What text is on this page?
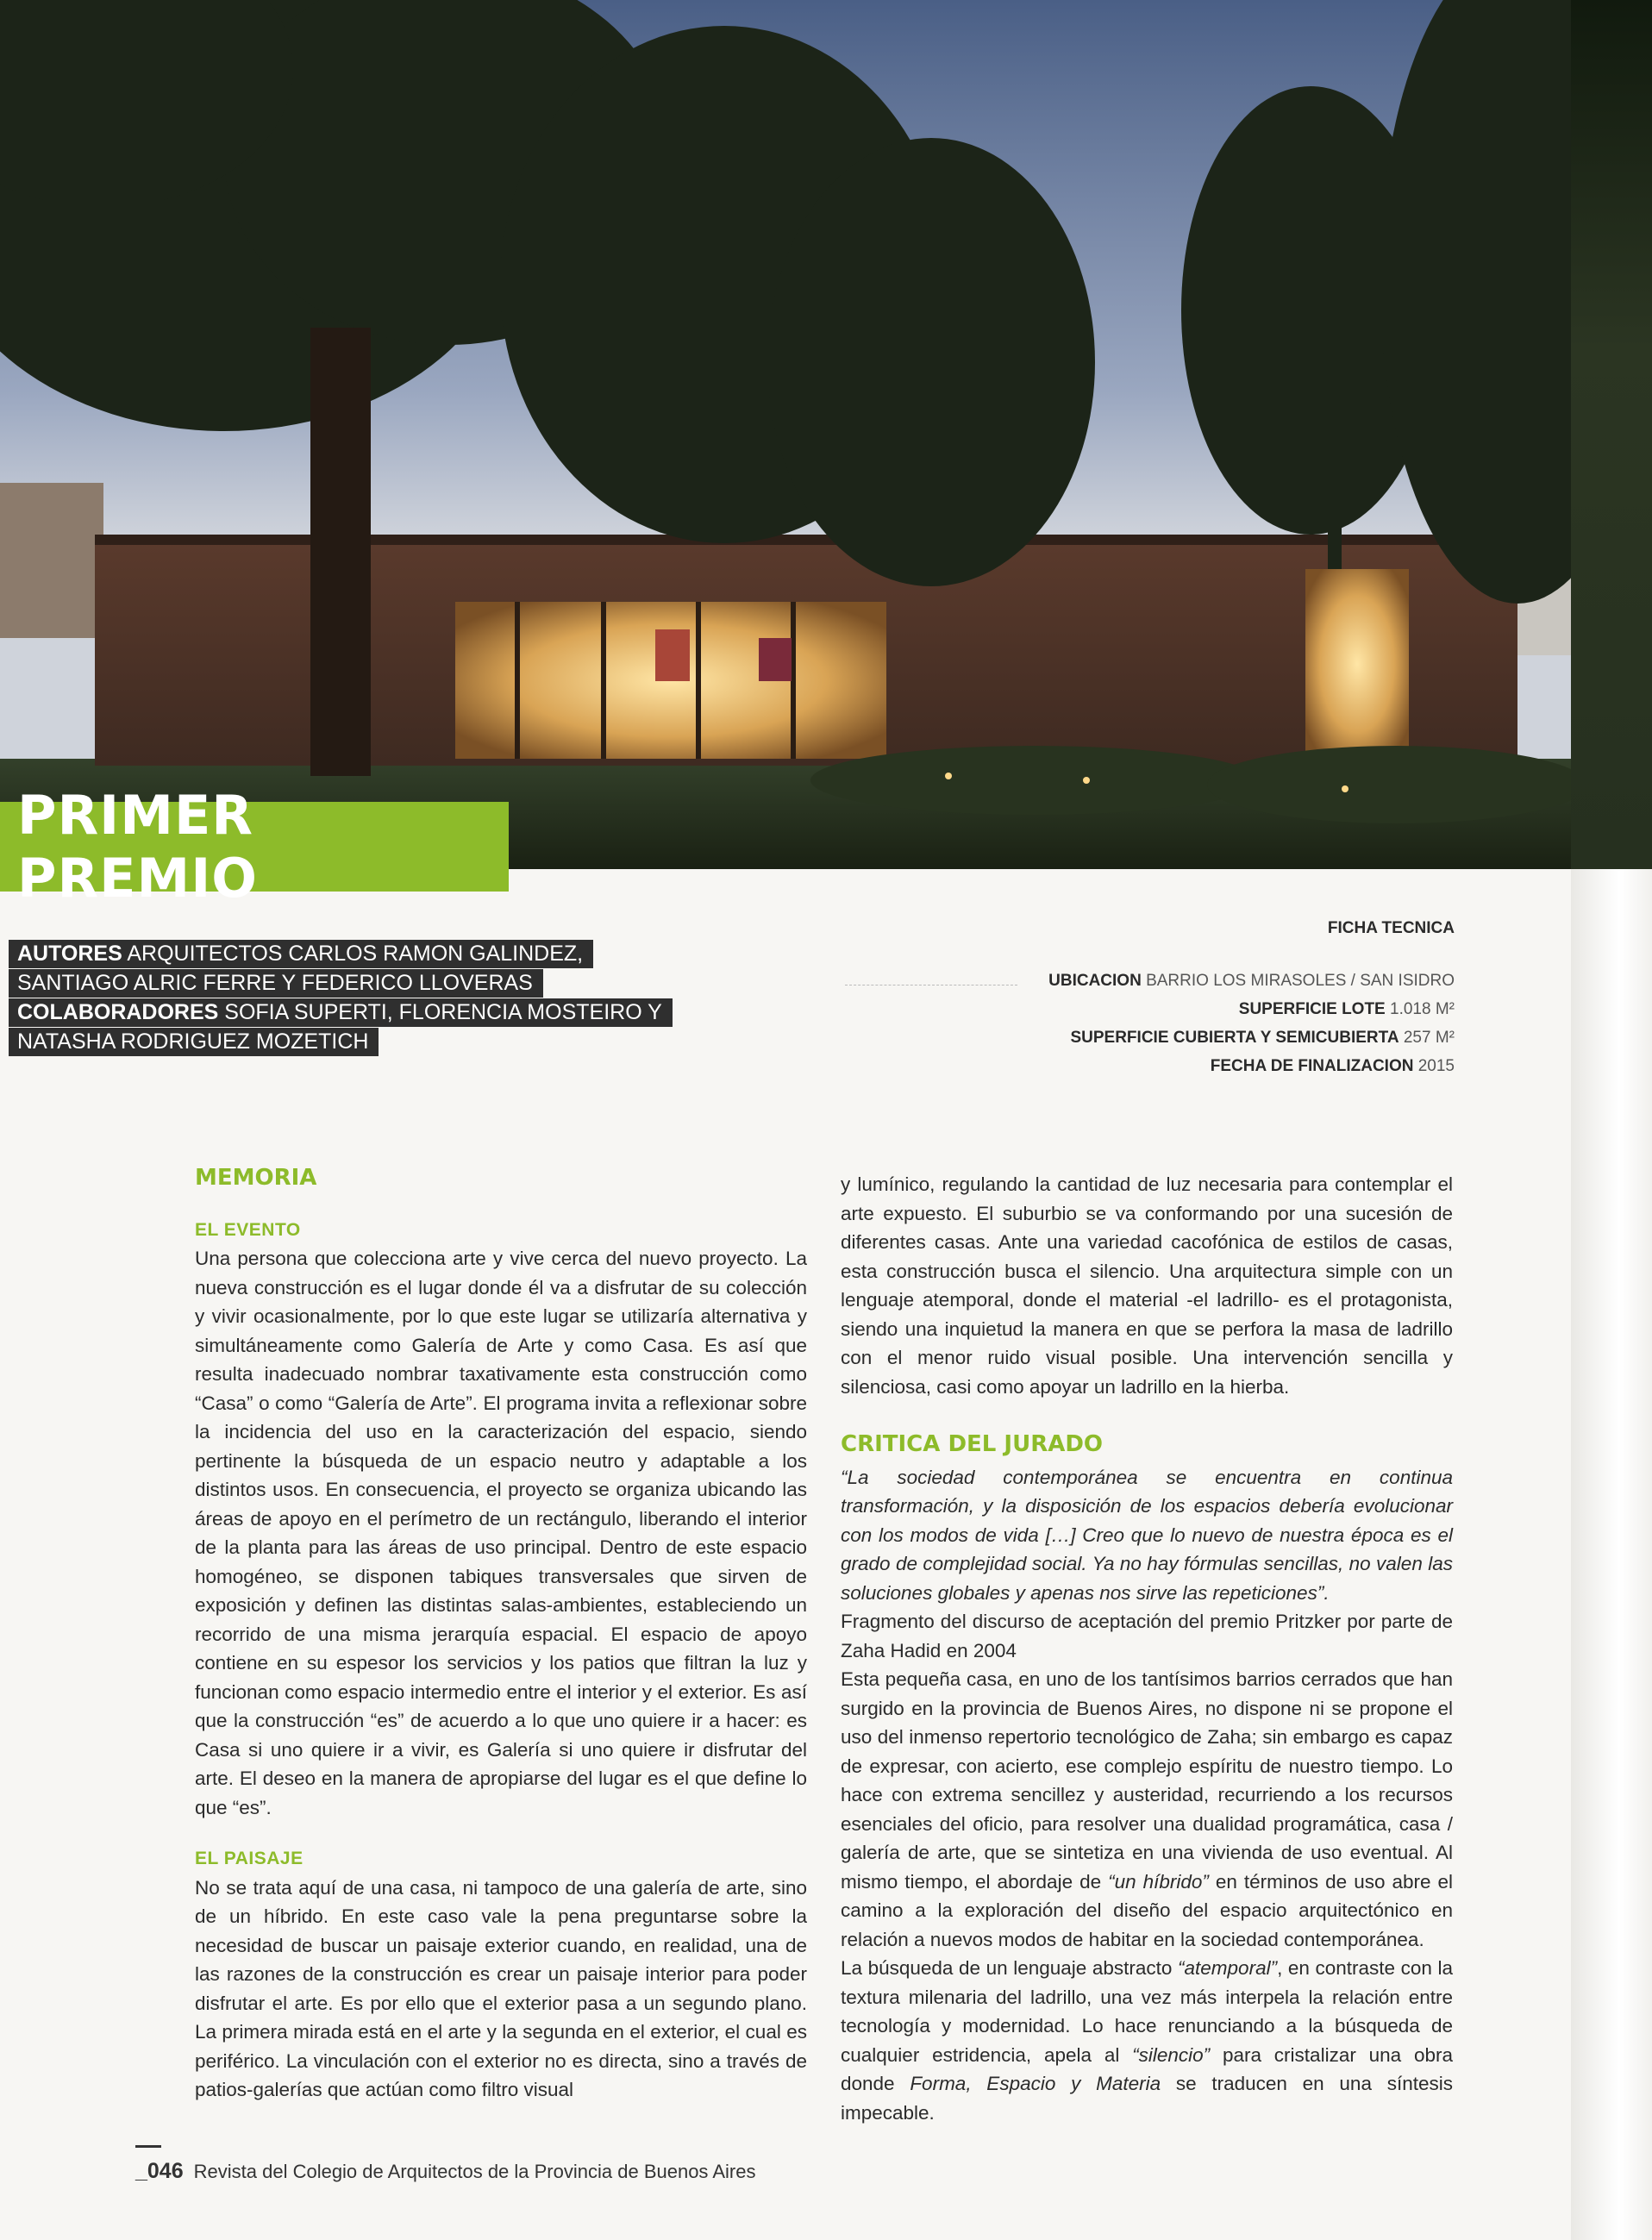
PRIMER PREMIO
AUTORES ARQUITECTOS CARLOS RAMON GALINDEZ,
SANTIAGO ALRIC FERRE Y FEDERICO LLOVERAS
COLABORADORES SOFIA SUPERTI, FLORENCIA MOSTEIRO Y
NATASHA RODRIGUEZ MOZETICH
FICHA TECNICA
UBICACION BARRIO LOS MIRASOLES / SAN ISIDRO
SUPERFICIE LOTE 1.018 M²
SUPERFICIE CUBIERTA Y SEMICUBIERTA 257 M²
FECHA DE FINALIZACION 2015
MEMORIA
EL EVENTO

Una persona que colecciona arte y vive cerca del nuevo proyecto. La nueva construcción es el lugar donde él va a disfrutar de su colección y vivir ocasionalmente, por lo que este lugar se utilizaría alternativa y simultáneamente como Galería de Arte y como Casa. Es así que resulta inadecuado nombrar taxativamente esta construcción como “Casa” o como “Galería de Arte”. El programa invita a reflexionar sobre la incidencia del uso en la caracterización del espacio, siendo pertinente la búsqueda de un espacio neutro y adaptable a los distintos usos. En consecuencia, el proyecto se organiza ubicando las áreas de apoyo en el perímetro de un rectángulo, liberando el interior de la planta para las áreas de uso principal. Dentro de este espacio homogéneo, se disponen tabiques transversales que sirven de exposición y definen las distintas salas-ambientes, estableciendo un recorrido de una misma jerarquía espacial. El espacio de apoyo contiene en su espesor los servicios y los patios que filtran la luz y funcionan como espacio intermedio entre el interior y el exterior. Es así que la construcción “es” de acuerdo a lo que uno quiere ir a hacer: es Casa si uno quiere ir a vivir, es Galería si uno quiere ir disfrutar del arte. El deseo en la manera de apropiarse del lugar es el que define lo que “es”.

EL PAISAJE

No se trata aquí de una casa, ni tampoco de una galería de arte, sino de un híbrido. En este caso vale la pena preguntarse sobre la necesidad de buscar un paisaje exterior cuando, en realidad, una de las razones de la construcción es crear un paisaje interior para poder disfrutar el arte. Es por ello que el exterior pasa a un segundo plano. La primera mirada está en el arte y la segunda en el exterior, el cual es periférico. La vinculación con el exterior no es directa, sino a través de patios-galerías que actúan como filtro visual

y lumínico, regulando la cantidad de luz necesaria para contemplar el arte expuesto. El suburbio se va conformando por una sucesión de diferentes casas. Ante una variedad cacofónica de estilos de casas, esta construcción busca el silencio. Una arquitectura simple con un lenguaje atemporal, donde el material -el ladrillo- es el protagonista, siendo una inquietud la manera en que se perfora la masa de ladrillo con el menor ruido visual posible. Una intervención sencilla y silenciosa, casi como apoyar un ladrillo en la hierba.

CRITICA DEL JURADO

“La sociedad contemporánea se encuentra en continua transformación, y la disposición de los espacios debería evolucionar con los modos de vida […] Creo que lo nuevo de nuestra época es el grado de complejidad social. Ya no hay fórmulas sencillas, no valen las soluciones globales y apenas nos sirve las repeticiones”.

Fragmento del discurso de aceptación del premio Pritzker por parte de Zaha Hadid en 2004

Esta pequeña casa, en uno de los tantísimos barrios cerrados que han surgido en la provincia de Buenos Aires, no dispone ni se propone el uso del inmenso repertorio tecnológico de Zaha; sin embargo es capaz de expresar, con acierto, ese complejo espíritu de nuestro tiempo. Lo hace con extrema sencillez y austeridad, recurriendo a los recursos esenciales del oficio, para resolver una dualidad programática, casa / galería de arte, que se sintetiza en una vivienda de uso eventual. Al mismo tiempo, el abordaje de “un híbrido” en términos de uso abre el camino a la exploración del diseño del espacio arquitectónico en relación a nuevos modos de habitar en la sociedad contemporánea.

La búsqueda de un lenguaje abstracto “atemporal”, en contraste con la textura milenaria del ladrillo, una vez más interpela la relación entre tecnología y modernidad. Lo hace renunciando a la búsqueda de cualquier estridencia, apela al “silencio” para cristalizar una obra donde Forma, Espacio y Materia se traducen en una síntesis impecable.

_046 Revista del Colegio de Arquitectos de la Provincia de Buenos Aires
